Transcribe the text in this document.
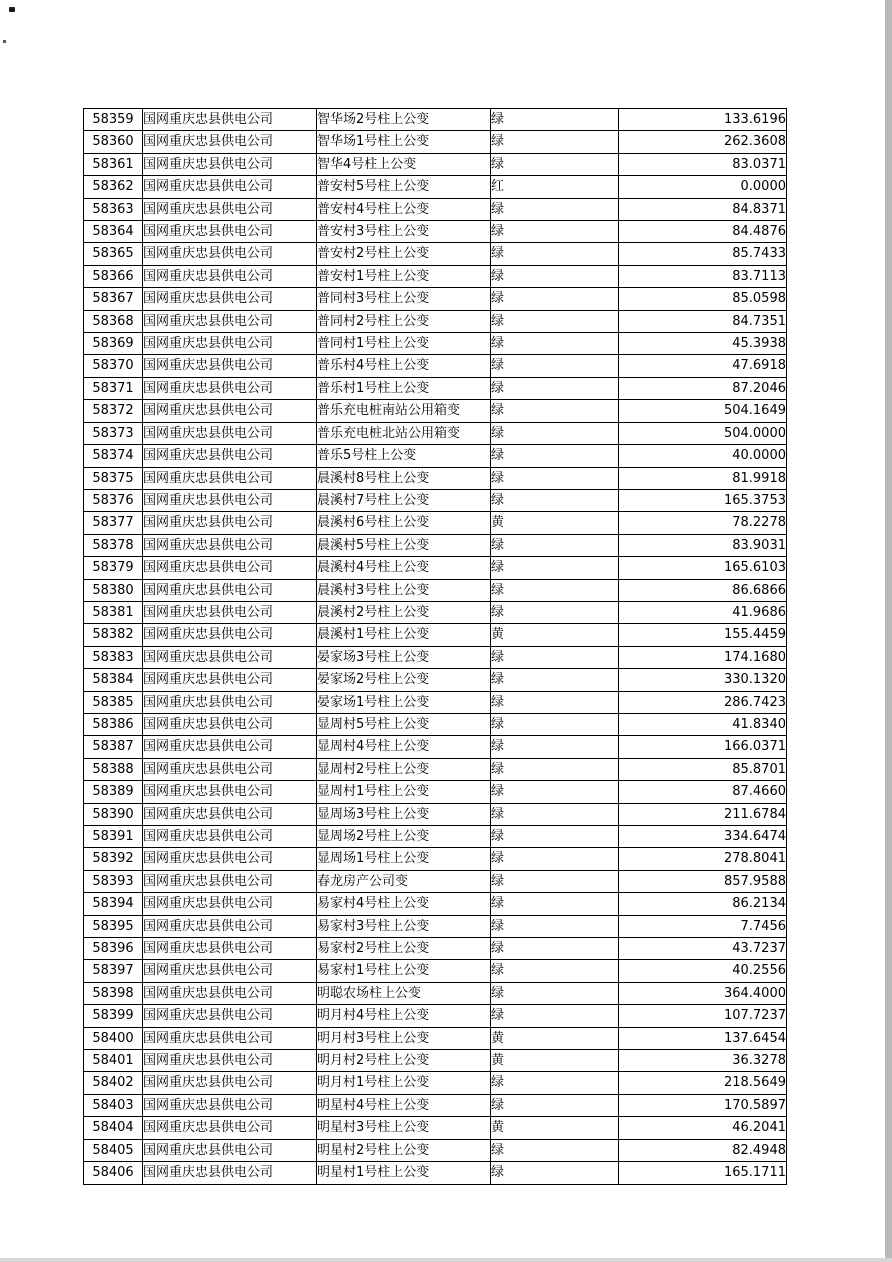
58359	国网重庆忠县供电公司	智华场2号柱上公变	绿	133.6196
58360	国网重庆忠县供电公司	智华场1号柱上公变	绿	262.3608
58361	国网重庆忠县供电公司	智华4号柱上公变	绿	83.0371
58362	国网重庆忠县供电公司	普安村5号柱上公变	红	0.0000
58363	国网重庆忠县供电公司	普安村4号柱上公变	绿	84.8371
58364	国网重庆忠县供电公司	普安村3号柱上公变	绿	84.4876
58365	国网重庆忠县供电公司	普安村2号柱上公变	绿	85.7433
58366	国网重庆忠县供电公司	普安村1号柱上公变	绿	83.7113
58367	国网重庆忠县供电公司	普同村3号柱上公变	绿	85.0598
58368	国网重庆忠县供电公司	普同村2号柱上公变	绿	84.7351
58369	国网重庆忠县供电公司	普同村1号柱上公变	绿	45.3938
58370	国网重庆忠县供电公司	普乐村4号柱上公变	绿	47.6918
58371	国网重庆忠县供电公司	普乐村1号柱上公变	绿	87.2046
58372	国网重庆忠县供电公司	普乐充电桩南站公用箱变	绿	504.1649
58373	国网重庆忠县供电公司	普乐充电桩北站公用箱变	绿	504.0000
58374	国网重庆忠县供电公司	普乐5号柱上公变	绿	40.0000
58375	国网重庆忠县供电公司	晨溪村8号柱上公变	绿	81.9918
58376	国网重庆忠县供电公司	晨溪村7号柱上公变	绿	165.3753
58377	国网重庆忠县供电公司	晨溪村6号柱上公变	黄	78.2278
58378	国网重庆忠县供电公司	晨溪村5号柱上公变	绿	83.9031
58379	国网重庆忠县供电公司	晨溪村4号柱上公变	绿	165.6103
58380	国网重庆忠县供电公司	晨溪村3号柱上公变	绿	86.6866
58381	国网重庆忠县供电公司	晨溪村2号柱上公变	绿	41.9686
58382	国网重庆忠县供电公司	晨溪村1号柱上公变	黄	155.4459
58383	国网重庆忠县供电公司	晏家场3号柱上公变	绿	174.1680
58384	国网重庆忠县供电公司	晏家场2号柱上公变	绿	330.1320
58385	国网重庆忠县供电公司	晏家场1号柱上公变	绿	286.7423
58386	国网重庆忠县供电公司	显周村5号柱上公变	绿	41.8340
58387	国网重庆忠县供电公司	显周村4号柱上公变	绿	166.0371
58388	国网重庆忠县供电公司	显周村2号柱上公变	绿	85.8701
58389	国网重庆忠县供电公司	显周村1号柱上公变	绿	87.4660
58390	国网重庆忠县供电公司	显周场3号柱上公变	绿	211.6784
58391	国网重庆忠县供电公司	显周场2号柱上公变	绿	334.6474
58392	国网重庆忠县供电公司	显周场1号柱上公变	绿	278.8041
58393	国网重庆忠县供电公司	春龙房产公司变	绿	857.9588
58394	国网重庆忠县供电公司	易家村4号柱上公变	绿	86.2134
58395	国网重庆忠县供电公司	易家村3号柱上公变	绿	7.7456
58396	国网重庆忠县供电公司	易家村2号柱上公变	绿	43.7237
58397	国网重庆忠县供电公司	易家村1号柱上公变	绿	40.2556
58398	国网重庆忠县供电公司	明聪农场柱上公变	绿	364.4000
58399	国网重庆忠县供电公司	明月村4号柱上公变	绿	107.7237
58400	国网重庆忠县供电公司	明月村3号柱上公变	黄	137.6454
58401	国网重庆忠县供电公司	明月村2号柱上公变	黄	36.3278
58402	国网重庆忠县供电公司	明月村1号柱上公变	绿	218.5649
58403	国网重庆忠县供电公司	明星村4号柱上公变	绿	170.5897
58404	国网重庆忠县供电公司	明星村3号柱上公变	黄	46.2041
58405	国网重庆忠县供电公司	明星村2号柱上公变	绿	82.4948
58406	国网重庆忠县供电公司	明星村1号柱上公变	绿	165.1711
